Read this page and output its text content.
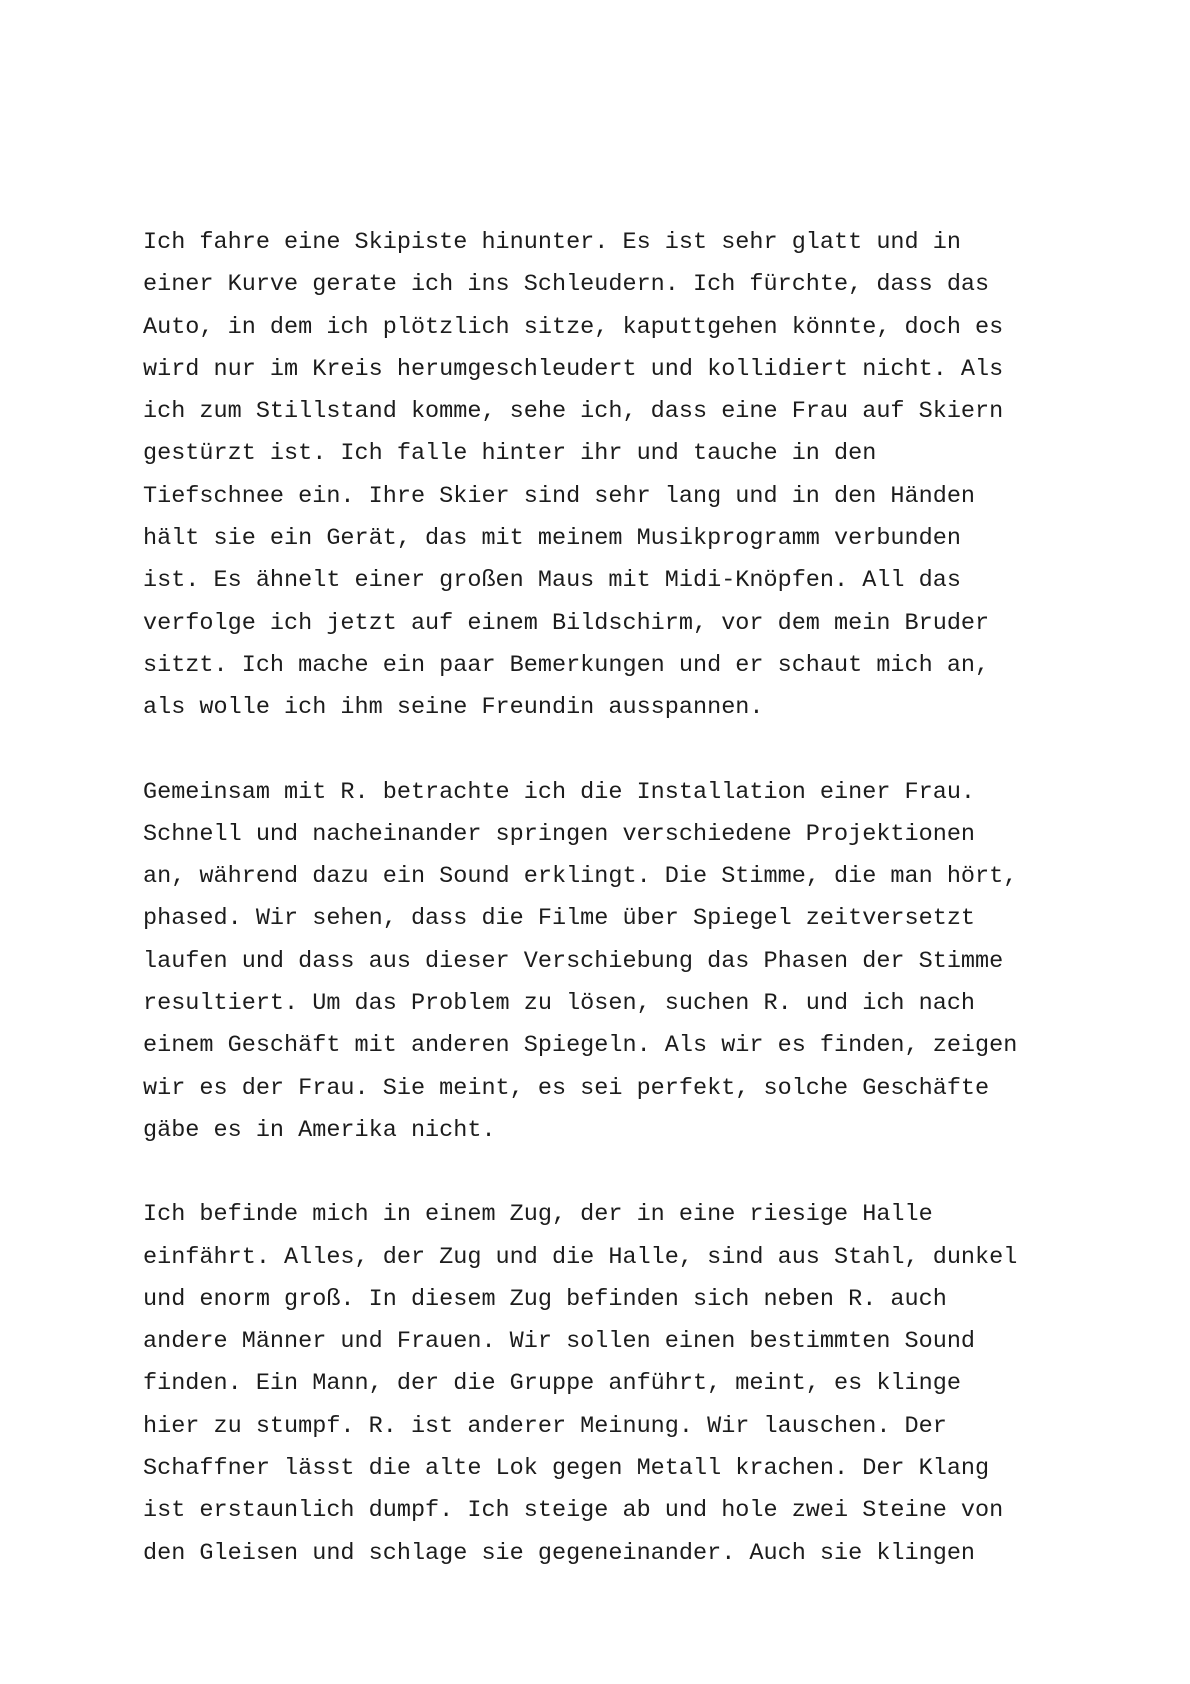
Ich fahre eine Skipiste hinunter. Es ist sehr glatt und in
einer Kurve gerate ich ins Schleudern. Ich fürchte, dass das
Auto, in dem ich plötzlich sitze, kaputtgehen könnte, doch es
wird nur im Kreis herumgeschleudert und kollidiert nicht. Als
ich zum Stillstand komme, sehe ich, dass eine Frau auf Skiern
gestürzt ist. Ich falle hinter ihr und tauche in den
Tiefschnee ein. Ihre Skier sind sehr lang und in den Händen
hält sie ein Gerät, das mit meinem Musikprogramm verbunden
ist. Es ähnelt einer großen Maus mit Midi-Knöpfen. All das
verfolge ich jetzt auf einem Bildschirm, vor dem mein Bruder
sitzt. Ich mache ein paar Bemerkungen und er schaut mich an,
als wolle ich ihm seine Freundin ausspannen.
Gemeinsam mit R. betrachte ich die Installation einer Frau.
Schnell und nacheinander springen verschiedene Projektionen
an, während dazu ein Sound erklingt. Die Stimme, die man hört,
phased. Wir sehen, dass die Filme über Spiegel zeitversetzt
laufen und dass aus dieser Verschiebung das Phasen der Stimme
resultiert. Um das Problem zu lösen, suchen R. und ich nach
einem Geschäft mit anderen Spiegeln. Als wir es finden, zeigen
wir es der Frau. Sie meint, es sei perfekt, solche Geschäfte
gäbe es in Amerika nicht.
Ich befinde mich in einem Zug, der in eine riesige Halle
einfährt. Alles, der Zug und die Halle, sind aus Stahl, dunkel
und enorm groß. In diesem Zug befinden sich neben R. auch
andere Männer und Frauen. Wir sollen einen bestimmten Sound
finden. Ein Mann, der die Gruppe anführt, meint, es klinge
hier zu stumpf. R. ist anderer Meinung. Wir lauschen. Der
Schaffner lässt die alte Lok gegen Metall krachen. Der Klang
ist erstaunlich dumpf. Ich steige ab und hole zwei Steine von
den Gleisen und schlage sie gegeneinander. Auch sie klingen
